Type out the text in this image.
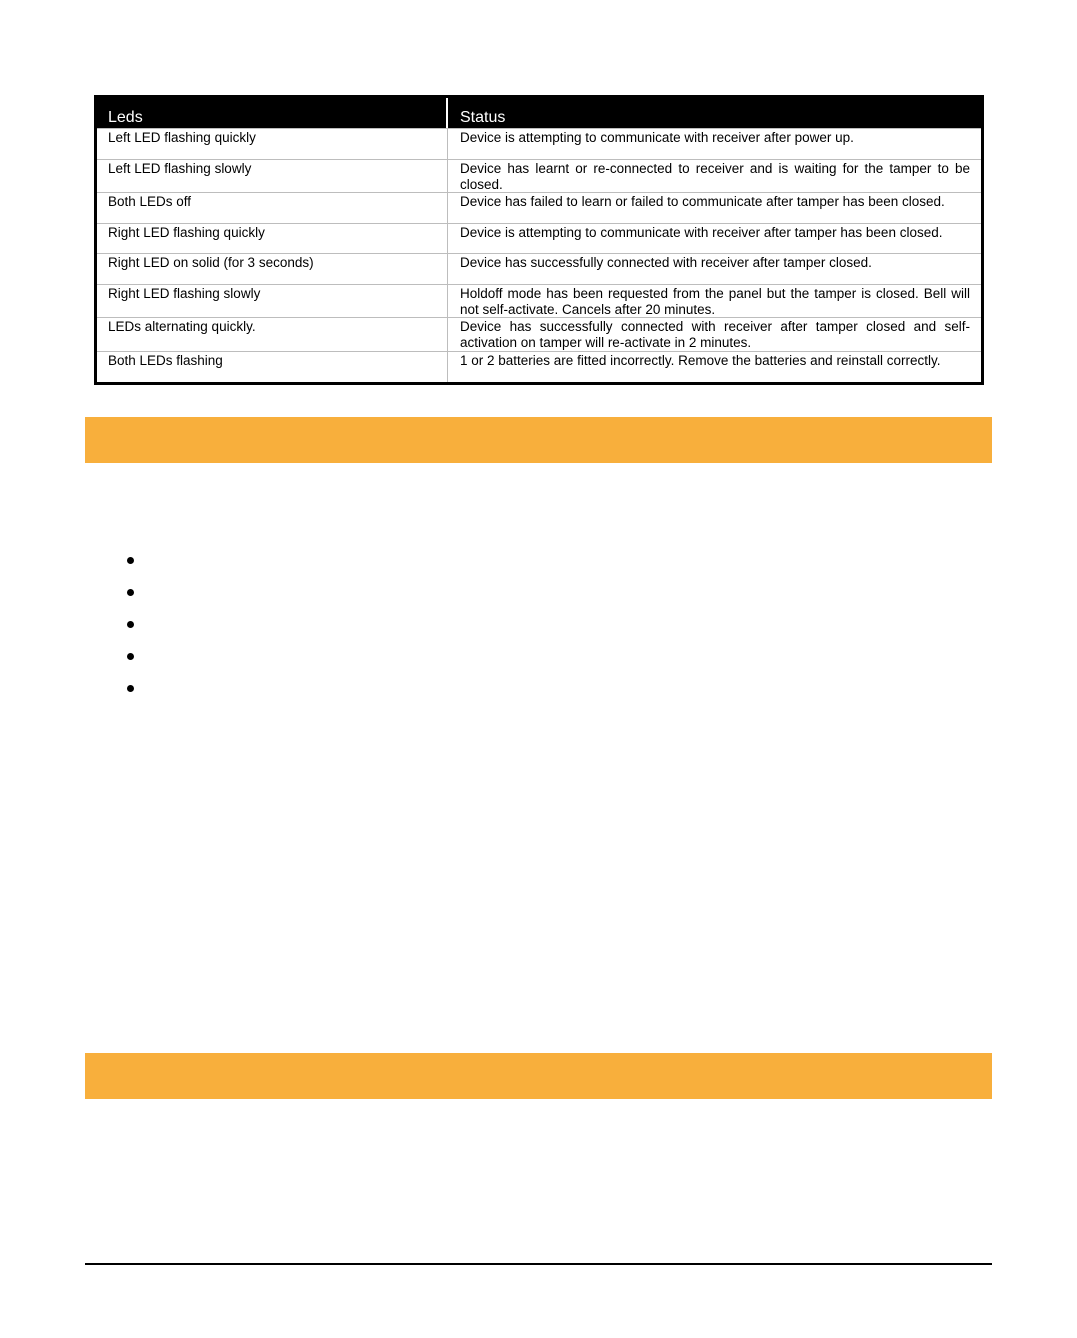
Leds	Status
Left LED flashing quickly	Device is attempting to communicate with receiver after power up.
Left LED flashing slowly	Device has learnt or re-connected to receiver and is waiting for the tamper to be closed.
Both LEDs off	Device has failed to learn or failed to communicate after tamper has been closed.
Right LED flashing quickly	Device is attempting to communicate with receiver after tamper has been closed.
Right LED on solid (for 3 seconds)	Device has successfully connected with receiver after tamper closed.
Right LED flashing slowly	Holdoff mode has been requested from the panel but the tamper is closed. Bell will not self-activate. Cancels after 20 minutes.
LEDs alternating quickly.	Device has successfully connected with receiver after tamper closed and self-activation on tamper will re-activate in 2 minutes.
Both LEDs flashing	1 or 2 batteries are fitted incorrectly. Remove the batteries and reinstall correctly.
